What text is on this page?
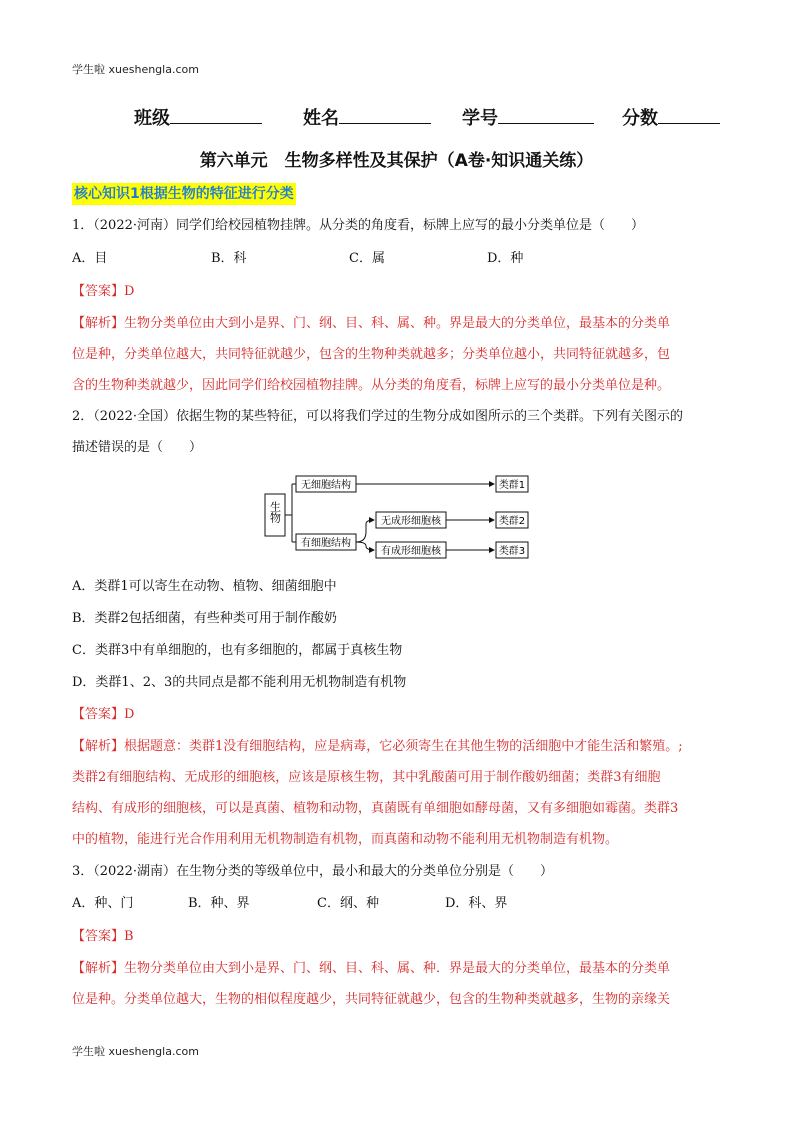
学生啦 xueshengla.com
班级	姓名	学号	分数
第六单元　生物多样性及其保护（A卷·知识通关练）
核心知识1根据生物的特征进行分类
1．（2022·河南）同学们给校园植物挂牌。从分类的角度看，标牌上应写的最小分类单位是（　　）
A．目	B．科	C．属	D．种
【答案】D
【解析】生物分类单位由大到小是界、门、纲、目、科、属、种。界是最大的分类单位，最基本的分类单
位是种，分类单位越大，共同特征就越少，包含的生物种类就越多；分类单位越小，共同特征就越多，包
含的生物种类就越少，因此同学们给校园植物挂牌。从分类的角度看，标牌上应写的最小分类单位是种。
2．（2022·全国）依据生物的某些特征，可以将我们学过的生物分成如图所示的三个类群。下列有关图示的
描述错误的是（　　）
生物
无细胞结构
有细胞结构
无成形细胞核
有成形细胞核
类群1
类群2
类群3
A．类群1可以寄生在动物、植物、细菌细胞中
B．类群2包括细菌，有些种类可用于制作酸奶
C．类群3中有单细胞的，也有多细胞的，都属于真核生物
D．类群1、2、3的共同点是都不能利用无机物制造有机物
【答案】D
【解析】根据题意：类群1没有细胞结构，应是病毒，它必须寄生在其他生物的活细胞中才能生活和繁殖。;
类群2有细胞结构、无成形的细胞核，应该是原核生物，其中乳酸菌可用于制作酸奶细菌；类群3有细胞
结构、有成形的细胞核，可以是真菌、植物和动物，真菌既有单细胞如酵母菌，又有多细胞如霉菌。类群3
中的植物，能进行光合作用利用无机物制造有机物，而真菌和动物不能利用无机物制造有机物。
3．（2022·湖南）在生物分类的等级单位中，最小和最大的分类单位分别是（　　）
A．种、门	B．种、界	C．纲、种	D．科、界
【答案】B
【解析】生物分类单位由大到小是界、门、纲、目、科、属、种．界是最大的分类单位，最基本的分类单
位是种。分类单位越大，生物的相似程度越少，共同特征就越少，包含的生物种类就越多，生物的亲缘关
学生啦 xueshengla.com
